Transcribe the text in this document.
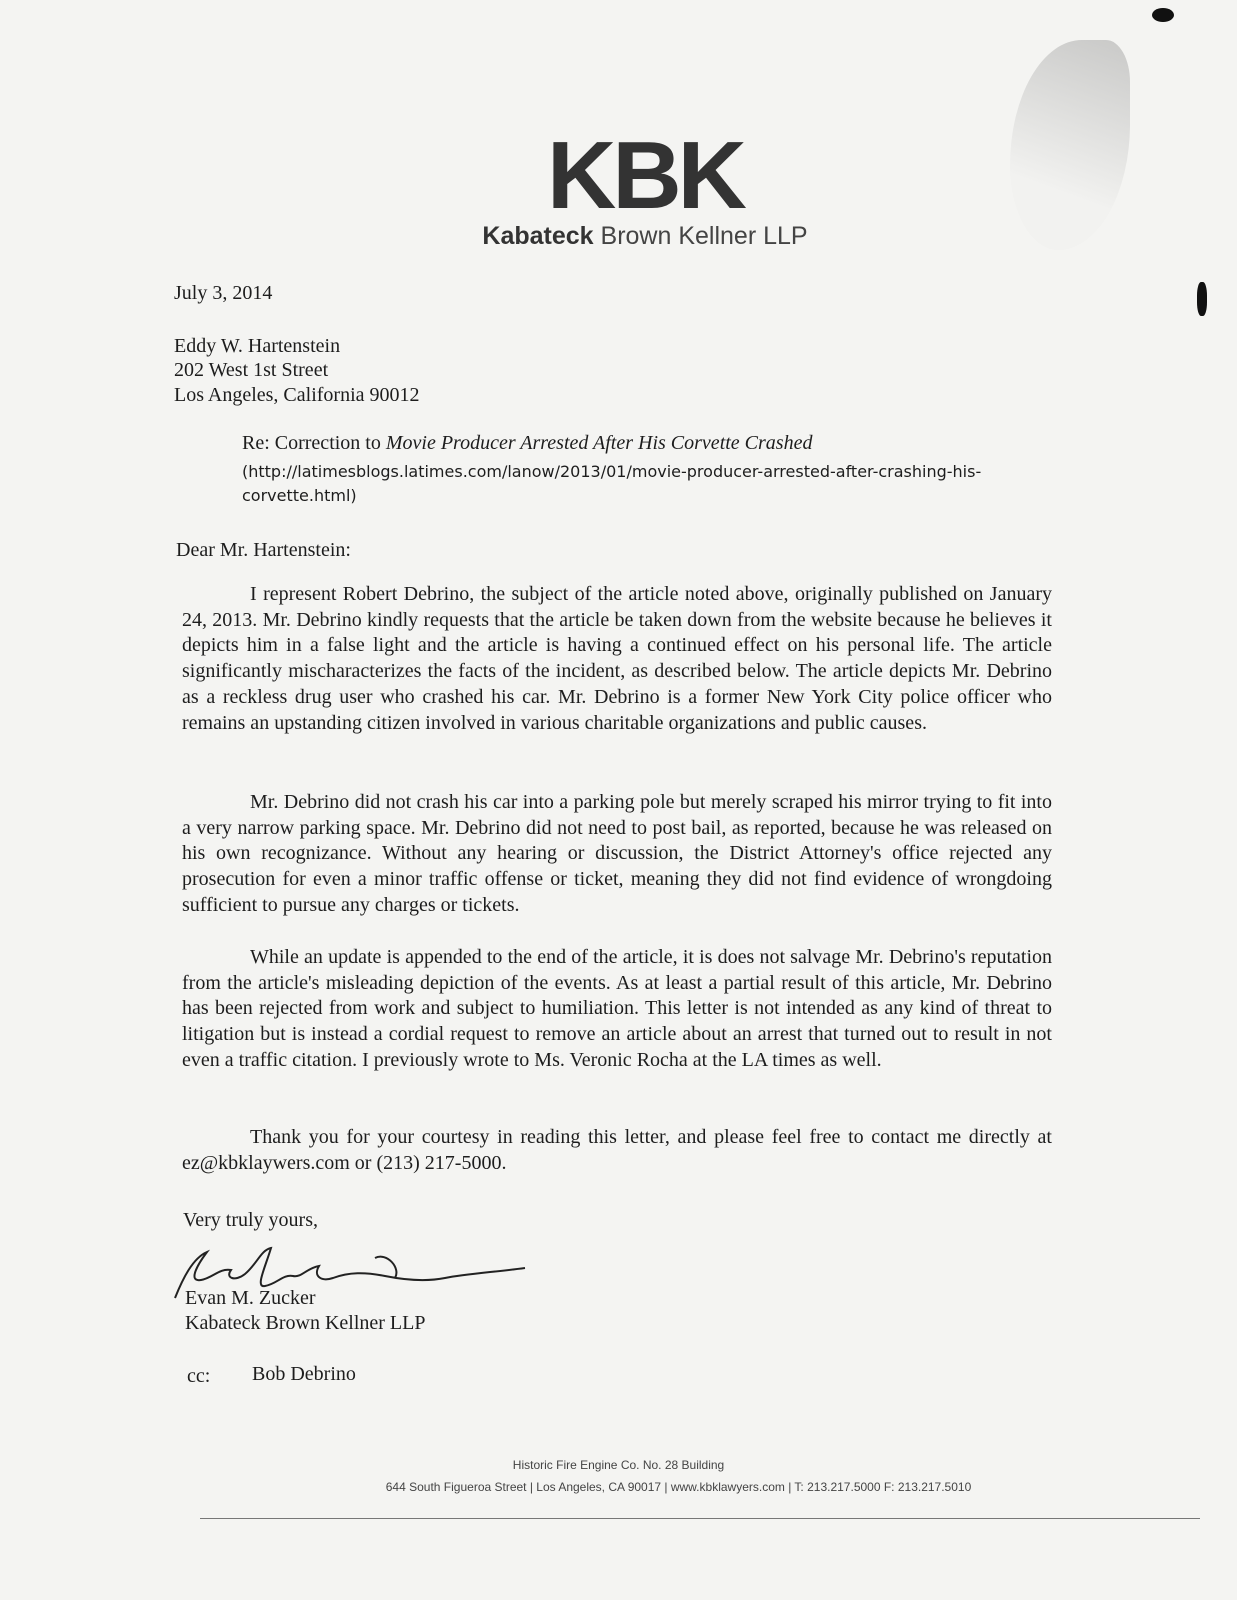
KBK
Kabateck Brown Kellner LLP
July 3, 2014
Eddy W. Hartenstein
202 West 1st Street
Los Angeles, California 90012
Re: Correction to Movie Producer Arrested After His Corvette Crashed
(http://latimesblogs.latimes.com/lanow/2013/01/movie-producer-arrested-after-crashing-his-
corvette.html)
Dear Mr. Hartenstein:
I represent Robert Debrino, the subject of the article noted above, originally published on January 24, 2013. Mr. Debrino kindly requests that the article be taken down from the website because he believes it depicts him in a false light and the article is having a continued effect on his personal life. The article significantly mischaracterizes the facts of the incident, as described below. The article depicts Mr. Debrino as a reckless drug user who crashed his car. Mr. Debrino is a former New York City police officer who remains an upstanding citizen involved in various charitable organizations and public causes.
Mr. Debrino did not crash his car into a parking pole but merely scraped his mirror trying to fit into a very narrow parking space. Mr. Debrino did not need to post bail, as reported, because he was released on his own recognizance. Without any hearing or discussion, the District Attorney's office rejected any prosecution for even a minor traffic offense or ticket, meaning they did not find evidence of wrongdoing sufficient to pursue any charges or tickets.
While an update is appended to the end of the article, it is does not salvage Mr. Debrino's reputation from the article's misleading depiction of the events. As at least a partial result of this article, Mr. Debrino has been rejected from work and subject to humiliation. This letter is not intended as any kind of threat to litigation but is instead a cordial request to remove an article about an arrest that turned out to result in not even a traffic citation. I previously wrote to Ms. Veronic Rocha at the LA times as well.
Thank you for your courtesy in reading this letter, and please feel free to contact me directly at ez@kbklaywers.com or (213) 217-5000.
Very truly yours,
Evan M. Zucker
Kabateck Brown Kellner LLP
cc: Bob Debrino
Historic Fire Engine Co. No. 28 Building
644 South Figueroa Street | Los Angeles, CA 90017 | www.kbklawyers.com | T: 213.217.5000 F: 213.217.5010
